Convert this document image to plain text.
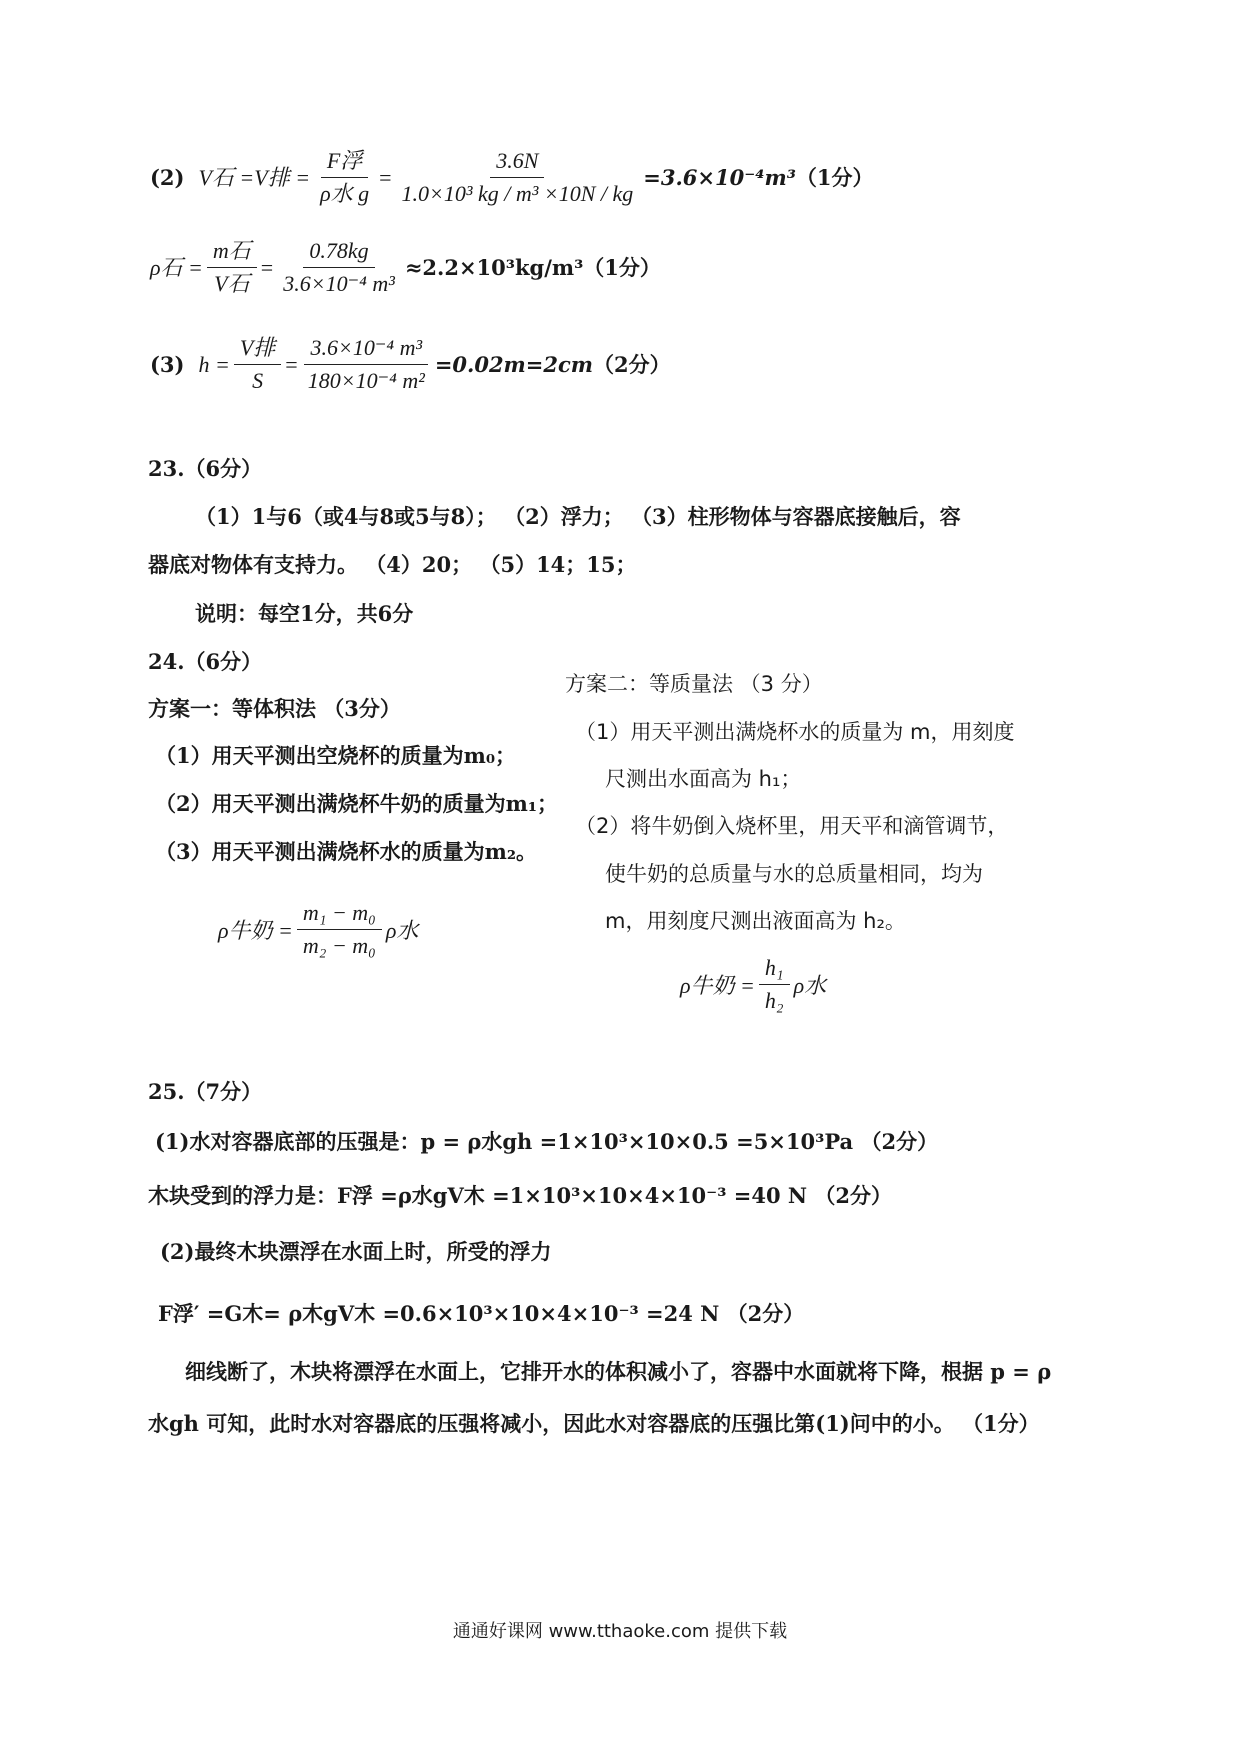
(2) V石 =V排 = $\frac{\text{F浮}}{\text{ρ水 g}} = \frac{3.6N}{\text{1.0×10³ kg / m³ ×10N / kg}} =3.6\times 10^{-4}m^3$ （1分）
ρ石 = $\frac{\text{m石}}{\text{V石}} = \frac{0.78kg}{\text{3.6×10⁻⁴ m³}} \approx 2.2\times 10^3kg/m^3$ （1分）
(3) $h = \frac{\text{V排}}{S} = \frac{\text{3.6×10⁻⁴ m³}}{\text{180×10⁻⁴ m²}} =0.02m=2cm$ （2分）
23.（6分）
（1）1与6（或4与8或5与8）； （2）浮力； （3）柱形物体与容器底接触后，容
器底对物体有支持力。 （4）20； （5）14；15；
说明：每空1分，共6分
24.（6分）
方案一：等体积法 （3分）
（1）用天平测出空烧杯的质量为m₀；
（2）用天平测出满烧杯牛奶的质量为m₁；
（3）用天平测出满烧杯水的质量为m₂。
ρ牛奶 = $\frac{\text{m₁ − m₀}}{\text{m₂ − m₀}}$ ρ水
方案二：等质量法 （3 分）
（1）用天平测出满烧杯水的质量为 m，用刻度
尺测出水面高为 h₁；
（2）将牛奶倒入烧杯里，用天平和滴管调节，
使牛奶的总质量与水的总质量相同，均为
m，用刻度尺测出液面高为 h₂。
ρ牛奶 = $\frac{\text{h₁}}{\text{h₂}}$ ρ水
25.（7分）
(1)水对容器底部的压强是：p = ρ水gh =1×10³×10×0.5 =5×10³Pa （2分）
木块受到的浮力是：F浮 =ρ水gV木 =1×10³×10×4×10⁻³ =40 N （2分）
(2)最终木块漂浮在水面上时，所受的浮力
F浮′ =G木= ρ木gV木 =0.6×10³×10×4×10⁻³ =24 N （2分）
细线断了，木块将漂浮在水面上，它排开水的体积减小了，容器中水面就将下降，根据 p = ρ
水gh 可知，此时水对容器底的压强将减小，因此水对容器底的压强比第(1)问中的小。 （1分）
通通好课网 www.tthaoke.com 提供下载
